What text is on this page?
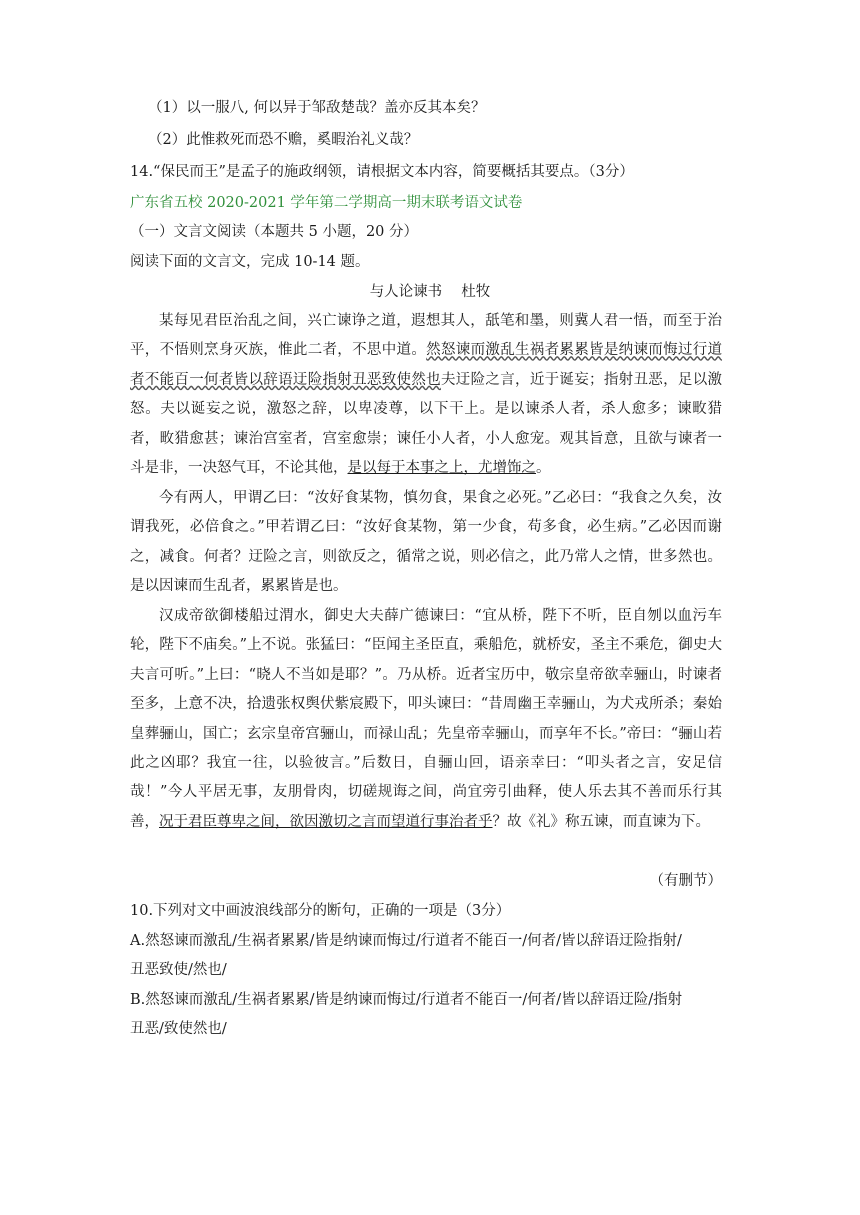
（1）以一服八, 何以异于邹敌楚哉？盖亦反其本矣？
（2）此惟救死而恐不赡，奚暇治礼义哉？
14.“保民而王”是孟子的施政纲领，请根据文本内容，简要概括其要点。（3分）
广东省五校 2020-2021 学年第二学期高一期末联考语文试卷
（一）文言文阅读（本题共 5 小题，20 分）
阅读下面的文言文，完成 10-14 题。
与人论谏书　 杜牧

某每见君臣治乱之间，兴亡谏诤之道，遐想其人，舐笔和墨，则冀人君一悟，而至于治平，不悟则烹身灭族，惟此二者，不思中道。然怒谏而激乱生祸者累累皆是纳谏而悔过行道者不能百一何者皆以辞语迂险指射丑恶致使然也夫迂险之言，近于诞妄；指射丑恶，足以激怒。夫以诞妄之说，激怒之辞，以卑凌尊，以下干上。是以谏杀人者，杀人愈多；谏畋猎者，畋猎愈甚；谏治宫室者，宫室愈崇；谏任小人者，小人愈宠。观其旨意，且欲与谏者一斗是非，一决怒气耳，不论其他，是以每于本事之上，尤增饰之。

今有两人，甲谓乙曰：“汝好食某物，慎勿食，果食之必死。”乙必曰：“我食之久矣，汝谓我死，必倍食之。”甲若谓乙曰：“汝好食某物，第一少食，苟多食，必生病。”乙必因而谢之，减食。何者？迂险之言，则欲反之，循常之说，则必信之，此乃常人之情，世多然也。是以因谏而生乱者，累累皆是也。

汉成帝欲御楼船过渭水，御史大夫薛广德谏曰：“宜从桥，陛下不听，臣自刎以血污车轮，陛下不庙矣。”上不说。张猛曰：“臣闻主圣臣直，乘船危，就桥安，圣主不乘危，御史大夫言可听。”上曰：“晓人不当如是耶？”。乃从桥。近者宝历中，敬宗皇帝欲幸骊山，时谏者至多，上意不决，拾遗张权舆伏紫宸殿下，叩头谏曰：“昔周幽王幸骊山，为犬戎所杀；秦始皇葬骊山，国亡；玄宗皇帝宫骊山，而禄山乱；先皇帝幸骊山，而享年不长。”帝曰：“骊山若此之凶耶？我宜一往，以验彼言。”后数日，自骊山回，语亲幸曰：“叩头者之言，安足信哉！”今人平居无事，友朋骨肉，切磋规诲之间，尚宜旁引曲释，使人乐去其不善而乐行其善，况于君臣尊卑之间，欲因激切之言而望道行事治者乎？故《礼》称五谏，而直谏为下。

（有删节）
10.下列对文中画波浪线部分的断句，正确的一项是（3分）
A.然怒谏而激乱/生祸者累累/皆是纳谏而悔过/行道者不能百一/何者/皆以辞语迂险指射/
丑恶致使/然也/
B.然怒谏而激乱/生祸者累累/皆是纳谏而悔过/行道者不能百一/何者/皆以辞语迂险/指射
丑恶/致使然也/
